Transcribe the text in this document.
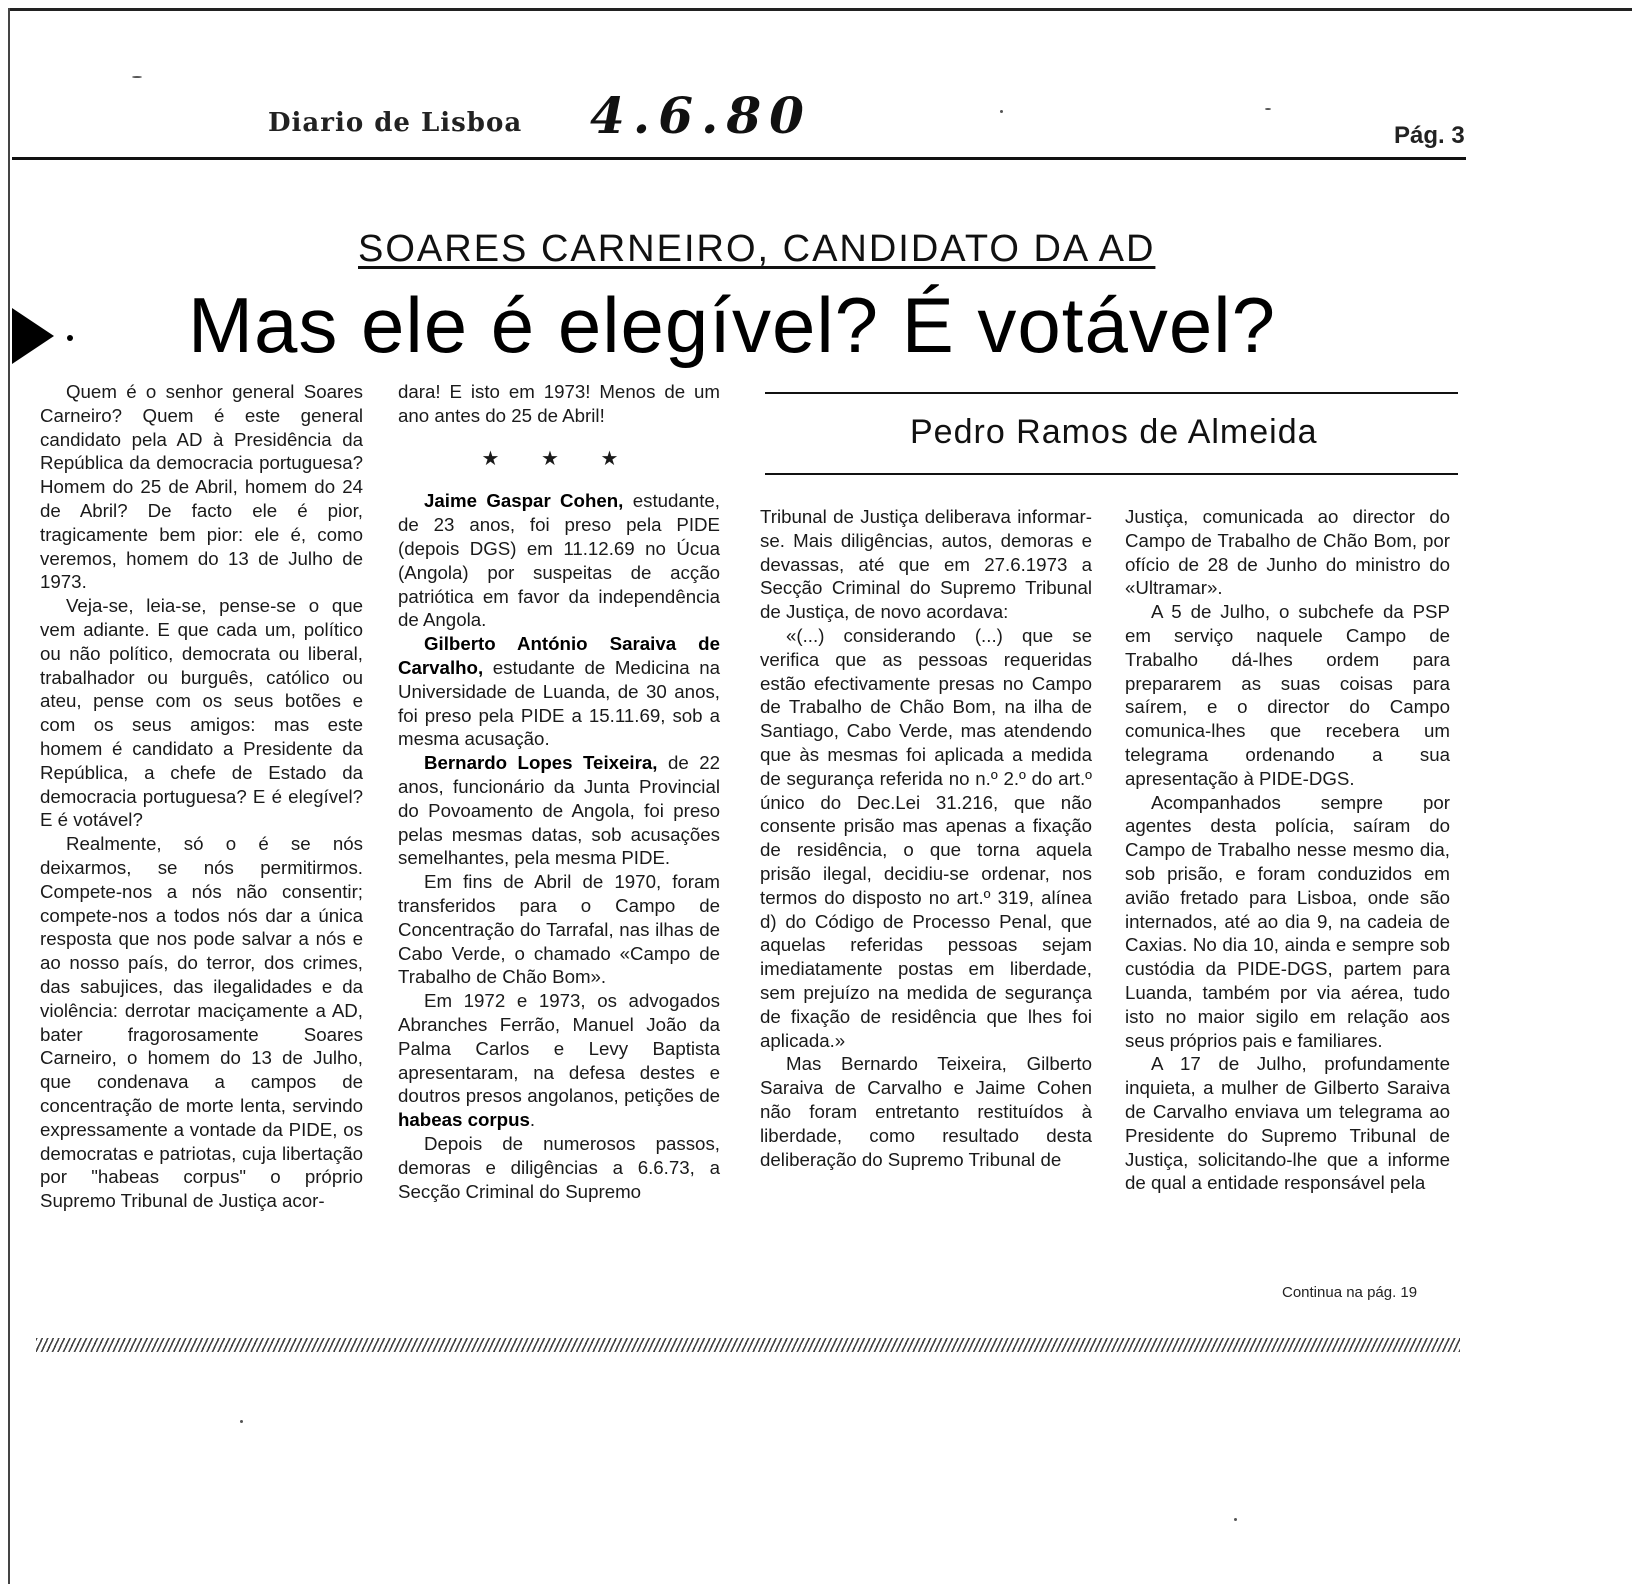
Diario de Lisboa 4.6.80	Pág. 3
SOARES CARNEIRO, CANDIDATO DA AD
Mas ele é elegível? É votável?
Pedro Ramos de Almeida

Quem é o senhor general Soares Carneiro? Quem é este general candidato pela AD à Presidência da República da democracia portuguesa? Homem do 25 de Abril, homem do 24 de Abril? De facto ele é pior, tragicamente bem pior: ele é, como veremos, homem do 13 de Julho de 1973.

Veja-se, leia-se, pense-se o que vem adiante. E que cada um, político ou não político, democrata ou liberal, trabalhador ou burguês, católico ou ateu, pense com os seus botões e com os seus amigos: mas este homem é candidato a Presidente da República, a chefe de Estado da democracia portuguesa? E é elegível? E é votável?

Realmente, só o é se nós deixarmos, se nós permitirmos. Compete-nos a nós não consentir; compete-nos a todos nós dar a única resposta que nos pode salvar a nós e ao nosso país, do terror, dos crimes, das sabujices, das ilegalidades e da violência: derrotar maciçamente a AD, bater fragorosamente Soares Carneiro, o homem do 13 de Julho, que condenava a campos de concentração de morte lenta, servindo expressamente a vontade da PIDE, os democratas e patriotas, cuja libertação por "habeas corpus" o próprio Supremo Tribunal de Justiça acor-

dara! E isto em 1973! Menos de um ano antes do 25 de Abril!

★ ★ ★

Jaime Gaspar Cohen, estudante, de 23 anos, foi preso pela PIDE (depois DGS) em 11.12.69 no Úcua (Angola) por suspeitas de acção patriótica em favor da independência de Angola.

Gilberto António Saraiva de Carvalho, estudante de Medicina na Universidade de Luanda, de 30 anos, foi preso pela PIDE a 15.11.69, sob a mesma acusação.

Bernardo Lopes Teixeira, de 22 anos, funcionário da Junta Provincial do Povoamento de Angola, foi preso pelas mesmas datas, sob acusações semelhantes, pela mesma PIDE.

Em fins de Abril de 1970, foram transferidos para o Campo de Concentração do Tarrafal, nas ilhas de Cabo Verde, o chamado «Campo de Trabalho de Chão Bom».

Em 1972 e 1973, os advogados Abranches Ferrão, Manuel João da Palma Carlos e Levy Baptista apresentaram, na defesa destes e doutros presos angolanos, petições de habeas corpus.

Depois de numerosos passos, demoras e diligências a 6.6.73, a Secção Criminal do Supremo

Tribunal de Justiça deliberava informar-se. Mais diligências, autos, demoras e devassas, até que em 27.6.1973 a Secção Criminal do Supremo Tribunal de Justiça, de novo acordava:

«(...) considerando (...) que se verifica que as pessoas requeridas estão efectivamente presas no Campo de Trabalho de Chão Bom, na ilha de Santiago, Cabo Verde, mas atendendo que às mesmas foi aplicada a medida de segurança referida no n.º 2.º do art.º único do Dec.Lei 31.216, que não consente prisão mas apenas a fixação de residência, o que torna aquela prisão ilegal, decidiu-se ordenar, nos termos do disposto no art.º 319, alínea d) do Código de Processo Penal, que aquelas referidas pessoas sejam imediatamente postas em liberdade, sem prejuízo na medida de segurança de fixação de residência que lhes foi aplicada.»

Mas Bernardo Teixeira, Gilberto Saraiva de Carvalho e Jaime Cohen não foram entretanto restituídos à liberdade, como resultado desta deliberação do Supremo Tribunal de

Justiça, comunicada ao director do Campo de Trabalho de Chão Bom, por ofício de 28 de Junho do ministro do «Ultramar».

A 5 de Julho, o subchefe da PSP em serviço naquele Campo de Trabalho dá-lhes ordem para prepararem as suas coisas para saírem, e o director do Campo comunica-lhes que recebera um telegrama ordenando a sua apresentação à PIDE-DGS.

Acompanhados sempre por agentes desta polícia, saíram do Campo de Trabalho nesse mesmo dia, sob prisão, e foram conduzidos em avião fretado para Lisboa, onde são internados, até ao dia 9, na cadeia de Caxias. No dia 10, ainda e sempre sob custódia da PIDE-DGS, partem para Luanda, também por via aérea, tudo isto no maior sigilo em relação aos seus próprios pais e familiares.

A 17 de Julho, profundamente inquieta, a mulher de Gilberto Saraiva de Carvalho enviava um telegrama ao Presidente do Supremo Tribunal de Justiça, solicitando-lhe que a informe de qual a entidade responsável pela

Continua na pág. 19
